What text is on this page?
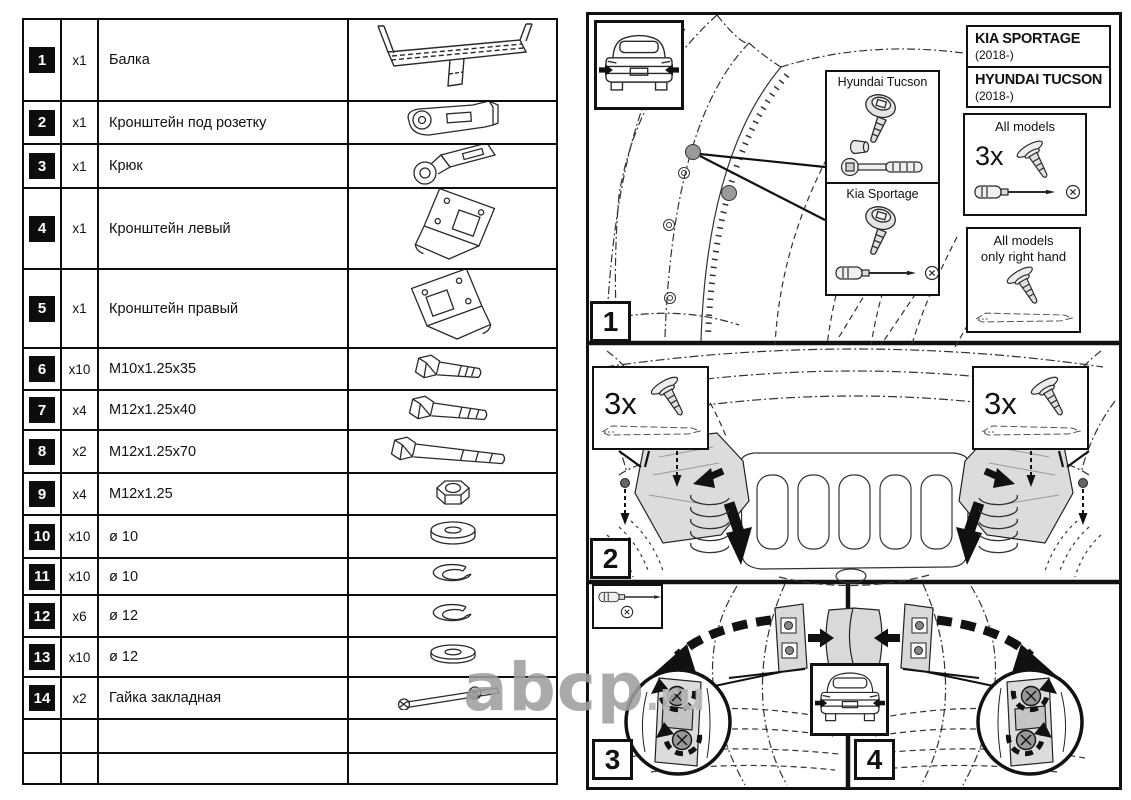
abcp.ru
1	x1	Балка
2	x1	Кронштейн под розетку
3	x1	Крюк
4	x1	Кронштейн левый
5	x1	Кронштейн правый
6	x10	M10x1.25x35
7	x4	M12x1.25x40
8	x2	M12x1.25x70
9	x4	M12x1.25
10	x10	ø 10
11	x10	ø 10
12	x6	ø 12
13	x10	ø 12
14	x2	Гайка закладная
Hyundai Tucson
Kia Sportage
KIA SPORTAGE
(2018-)
HYUNDAI TUCSON
(2018-)
All models
3x
All models
only right hand
3x	3x
1
2
3	4
